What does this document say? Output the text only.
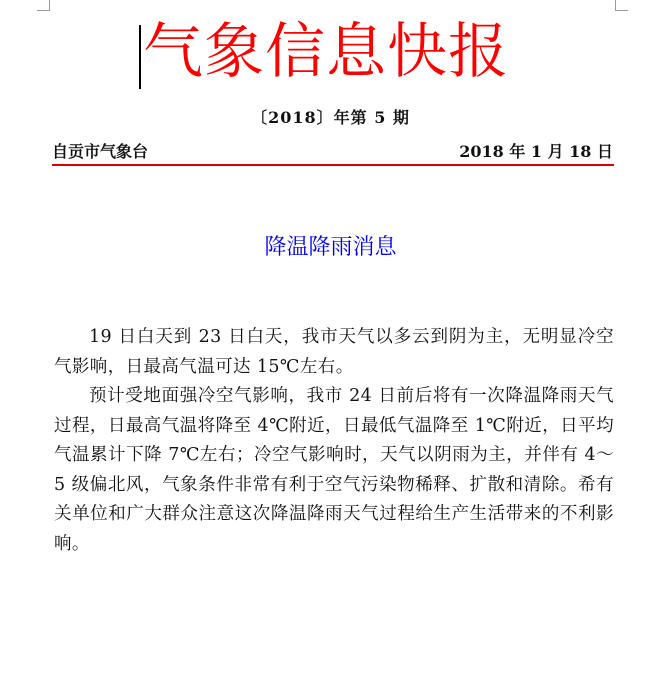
气象信息快报
〔2018〕年第 5 期
自贡市气象台	2018 年 1 月 18 日
降温降雨消息

19 日白天到 23 日白天，我市天气以多云到阴为主，无明显冷空气影响，日最高气温可达 15℃左右。

预计受地面强冷空气影响，我市 24 日前后将有一次降温降雨天气过程，日最高气温将降至 4℃附近，日最低气温降至 1℃附近，日平均气温累计下降 7℃左右；冷空气影响时，天气以阴雨为主，并伴有 4～5 级偏北风，气象条件非常有利于空气污染物稀释、扩散和清除。希有关单位和广大群众注意这次降温降雨天气过程给生产生活带来的不利影响。
